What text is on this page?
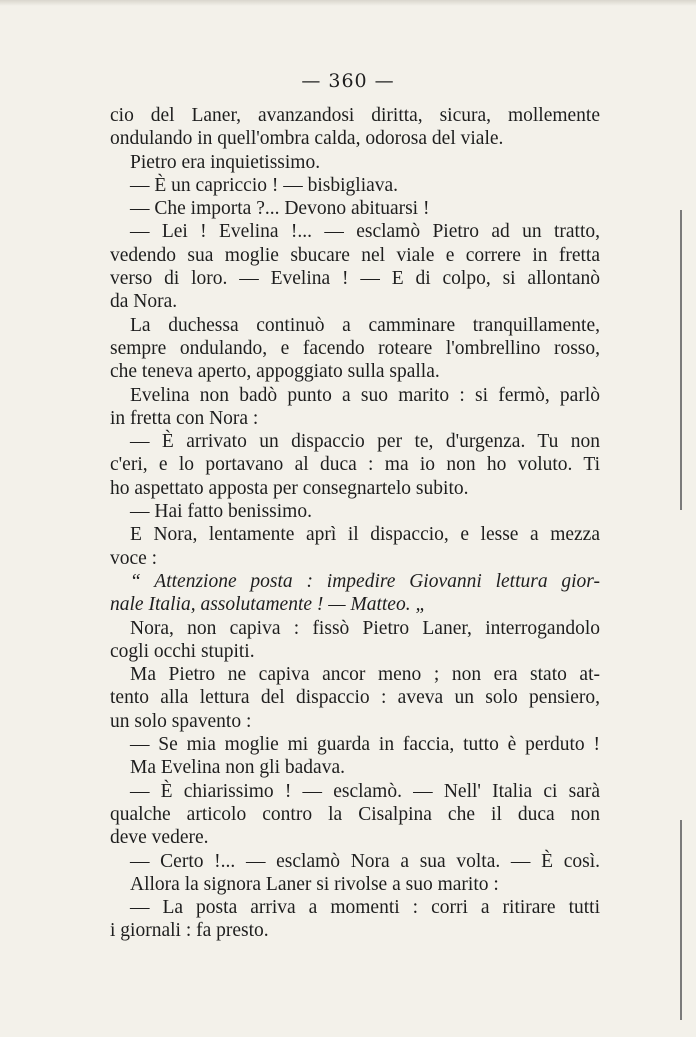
— 360 —
cio del Laner, avanzandosi diritta, sicura, mollemente
ondulando in quell'ombra calda, odorosa del viale.
Pietro era inquietissimo.
— È un capriccio ! — bisbigliava.
— Che importa ?... Devono abituarsi !
— Lei ! Evelina !... — esclamò Pietro ad un tratto,
vedendo sua moglie sbucare nel viale e correre in fretta
verso di loro. — Evelina ! — E di colpo, si allontanò
da Nora.
La duchessa continuò a camminare tranquillamente,
sempre ondulando, e facendo roteare l'ombrellino rosso,
che teneva aperto, appoggiato sulla spalla.
Evelina non badò punto a suo marito : si fermò, parlò
in fretta con Nora :
— È arrivato un dispaccio per te, d'urgenza. Tu non
c'eri, e lo portavano al duca : ma io non ho voluto. Ti
ho aspettato apposta per consegnartelo subito.
— Hai fatto benissimo.
E Nora, lentamente aprì il dispaccio, e lesse a mezza
voce :
“ Attenzione posta : impedire Giovanni lettura gior-
nale Italia, assolutamente ! — Matteo. „
Nora, non capiva : fissò Pietro Laner, interrogandolo
cogli occhi stupiti.
Ma Pietro ne capiva ancor meno ; non era stato at-
tento alla lettura del dispaccio : aveva un solo pensiero,
un solo spavento :
— Se mia moglie mi guarda in faccia, tutto è perduto !
Ma Evelina non gli badava.
— È chiarissimo ! — esclamò. — Nell' Italia ci sarà
qualche articolo contro la Cisalpina che il duca non
deve vedere.
— Certo !... — esclamò Nora a sua volta. — È così.
Allora la signora Laner si rivolse a suo marito :
— La posta arriva a momenti : corri a ritirare tutti
i giornali : fa presto.
